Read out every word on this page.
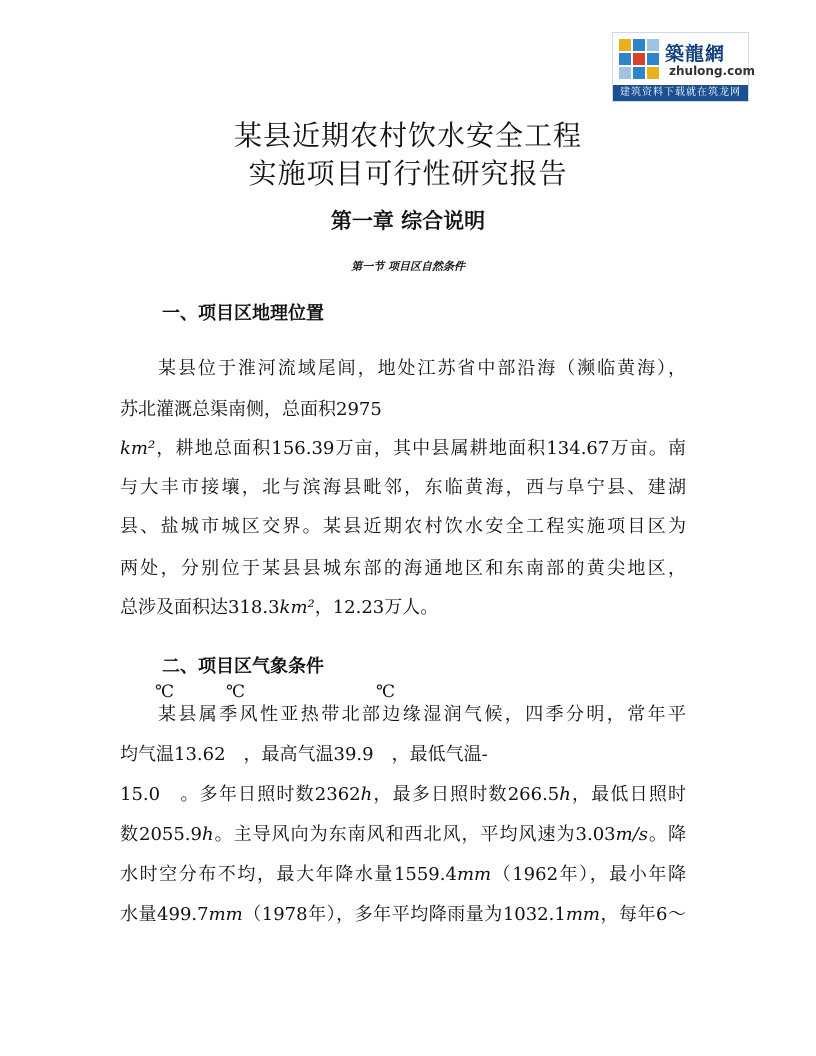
築龍網
zhulong.com
建筑资料下载就在筑龙网
某县近期农村饮水安全工程
实施项目可行性研究报告
第一章 综合说明
第一节 项目区自然条件
一、项目区地理位置
某县位于淮河流域尾闾，地处江苏省中部沿海（濒临黄海），
苏北灌溉总渠南侧，总面积2975
km²，耕地总面积156.39万亩，其中县属耕地面积134.67万亩。南
与大丰市接壤，北与滨海县毗邻，东临黄海，西与阜宁县、建湖
县、盐城市城区交界。某县近期农村饮水安全工程实施项目区为
两处，分别位于某县县城东部的海通地区和东南部的黄尖地区，
总涉及面积达318.3km²，12.23万人。
二、项目区气象条件
℃	℃	℃
某县属季风性亚热带北部边缘湿润气候，四季分明，常年平
均气温13.62　，最高气温39.9　，最低气温-
15.0　。多年日照时数2362h，最多日照时数266.5h，最低日照时
数2055.9h。主导风向为东南风和西北风，平均风速为3.03m/s。降
水时空分布不均，最大年降水量1559.4mm（1962年），最小年降
水量499.7mm（1978年），多年平均降雨量为1032.1mm，每年6～
